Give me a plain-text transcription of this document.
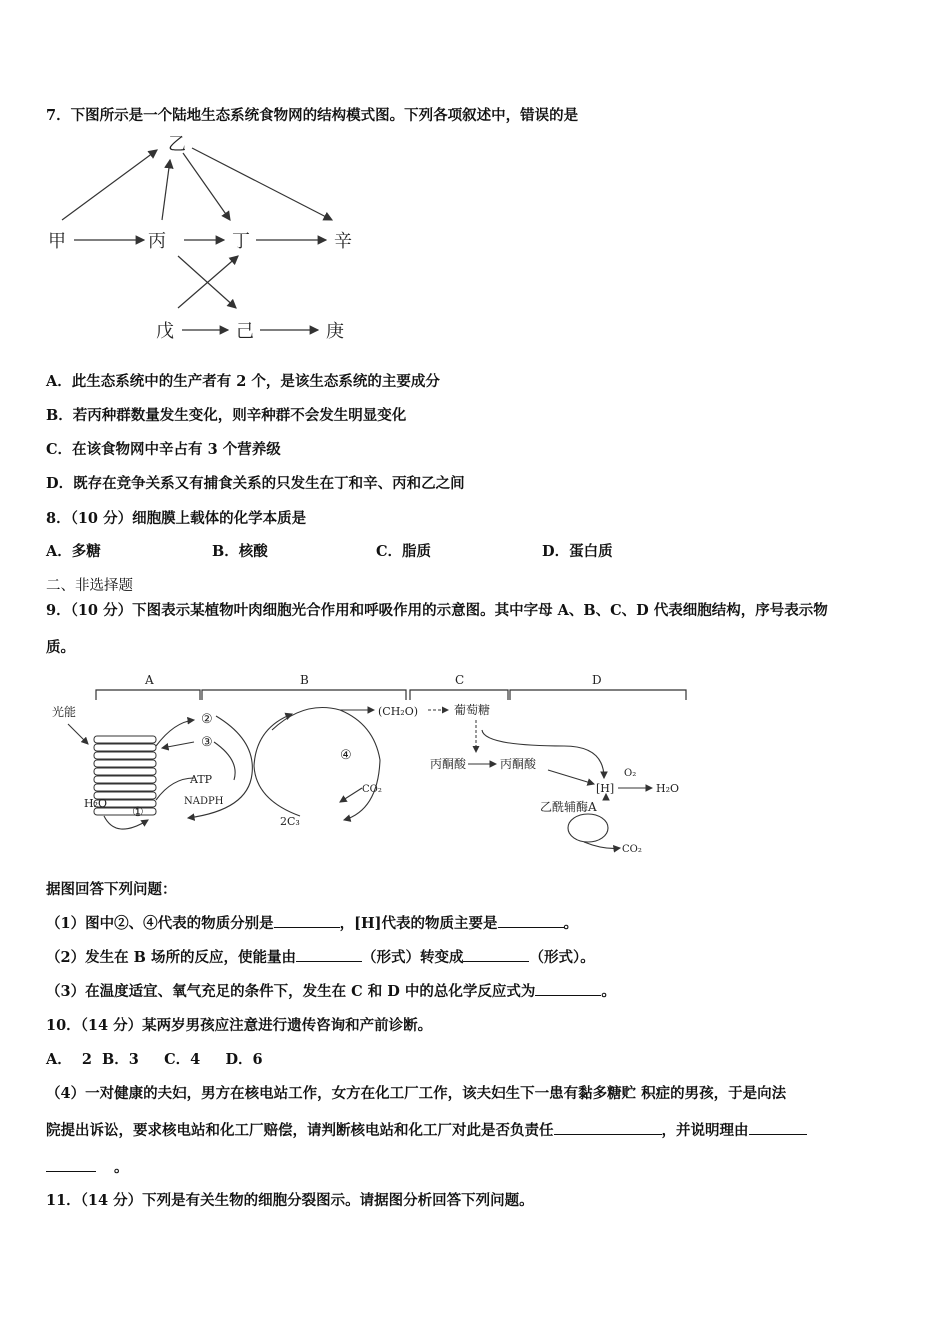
7．下图所示是一个陆地生态系统食物网的结构模式图。下列各项叙述中，错误的是
乙
甲	丙	丁	辛
戊	己	庚
A．此生态系统中的生产者有 2 个，是该生态系统的主要成分
B．若丙种群数量发生变化，则辛种群不会发生明显变化
C．在该食物网中辛占有 3 个营养级
D．既存在竞争关系又有捕食关系的只发生在丁和辛、丙和乙之间
8．（10 分）细胞膜上载体的化学本质是
A．多糖	B．核酸	C．脂质	D．蛋白质
二、非选择题
9．（10 分）下图表示某植物叶肉细胞光合作用和呼吸作用的示意图。其中字母 A、B、C、D 代表细胞结构，序号表示物
质。
A	B	C	D
光能	②
③
ATP
NADPH
H₂O
①
④
CO₂
2C₃
(CH₂O)	葡萄糖
丙酮酸	丙酮酸
[H]
O₂
H₂O
乙酰辅酶A
CO₂
据图回答下列问题：
（1）图中②、④代表的物质分别是	，[H]代表的物质主要是	。
（2）发生在 B 场所的反应，使能量由	（形式）转变成	（形式）。
（3）在温度适宜、氧气充足的条件下，发生在 C 和 D 中的总化学反应式为	。
10．（14 分）某两岁男孩应注意进行遗传咨询和产前诊断。
A．  2  B．3     C．4     D．6
（4）一对健康的夫妇，男方在核电站工作，女方在化工厂工作，该夫妇生下一患有黏多糖贮 积症的男孩，于是向法
院提出诉讼，要求核电站和化工厂赔偿，请判断核电站和化工厂对此是否负责任	，并说明理由
。
11．（14 分）下列是有关生物的细胞分裂图示。请据图分析回答下列问题。
